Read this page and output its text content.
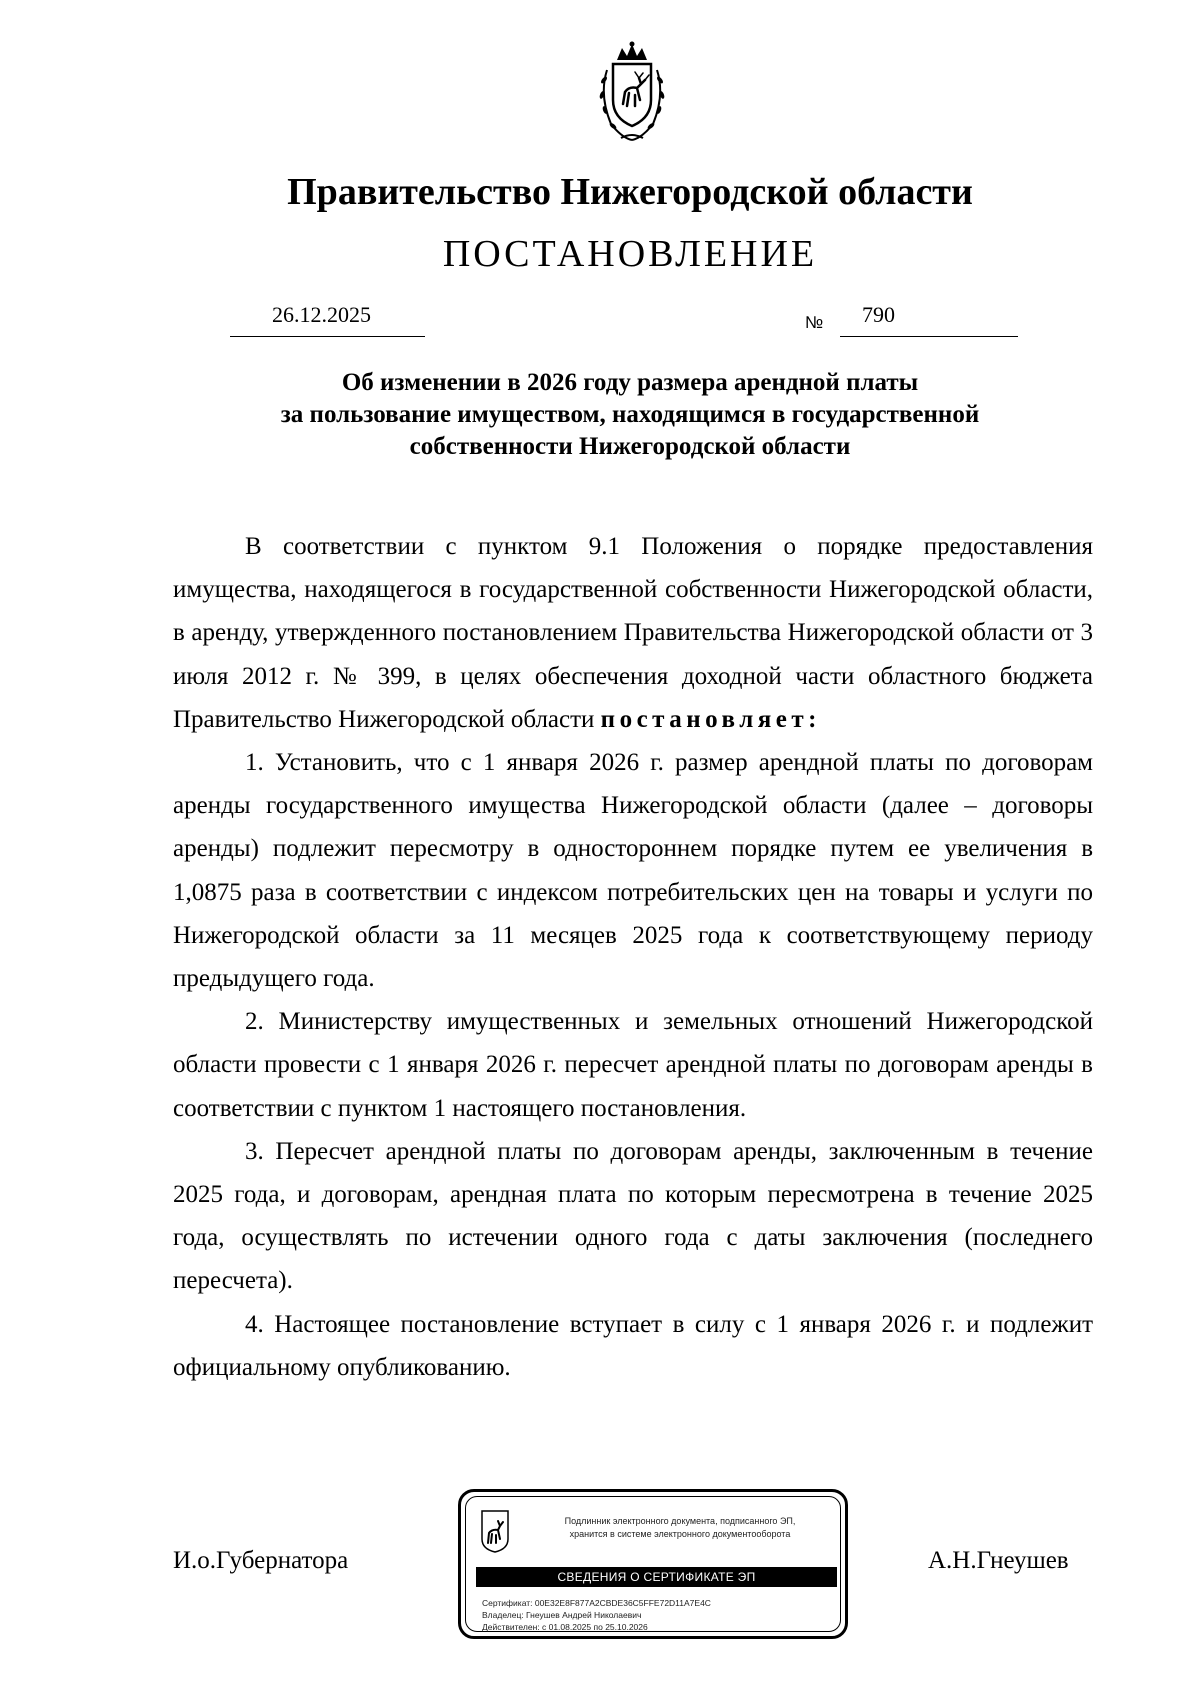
Правительство Нижегородской области
ПОСТАНОВЛЕНИЕ
26.12.2025	№ 790
Об изменении в 2026 году размера арендной платы
за пользование имуществом, находящимся в государственной
собственности Нижегородской области

В соответствии с пунктом 9.1 Положения о порядке предоставления имущества, находящегося в государственной собственности Нижегородской области, в аренду, утвержденного постановлением Правительства Нижегородской области от 3 июля 2012 г. № 399, в целях обеспечения доходной части областного бюджета Правительство Нижегородской области постановляет:

1. Установить, что с 1 января 2026 г. размер арендной платы по договорам аренды государственного имущества Нижегородской области (далее – договоры аренды) подлежит пересмотру в одностороннем порядке путем ее увеличения в 1,0875 раза в соответствии с индексом потребительских цен на товары и услуги по Нижегородской области за 11 месяцев 2025 года к соответствующему периоду предыдущего года.

2. Министерству имущественных и земельных отношений Нижегородской области провести с 1 января 2026 г. пересчет арендной платы по договорам аренды в соответствии с пунктом 1 настоящего постановления.

3. Пересчет арендной платы по договорам аренды, заключенным в течение 2025 года, и договорам, арендная плата по которым пересмотрена в течение 2025 года, осуществлять по истечении одного года с даты заключения (последнего пересчета).

4. Настоящее постановление вступает в силу с 1 января 2026 г. и подлежит официальному опубликованию.

И.о.Губернатора	А.Н.Гнеушев
Подлинник электронного документа, подписанного ЭП,
хранится в системе электронного документооборота
СВЕДЕНИЯ О СЕРТИФИКАТЕ ЭП
Сертификат: 00E32E8F877A2CBDE36C5FFE72D11A7E4C
Владелец: Гнеушев Андрей Николаевич
Действителен: с 01.08.2025 по 25.10.2026
